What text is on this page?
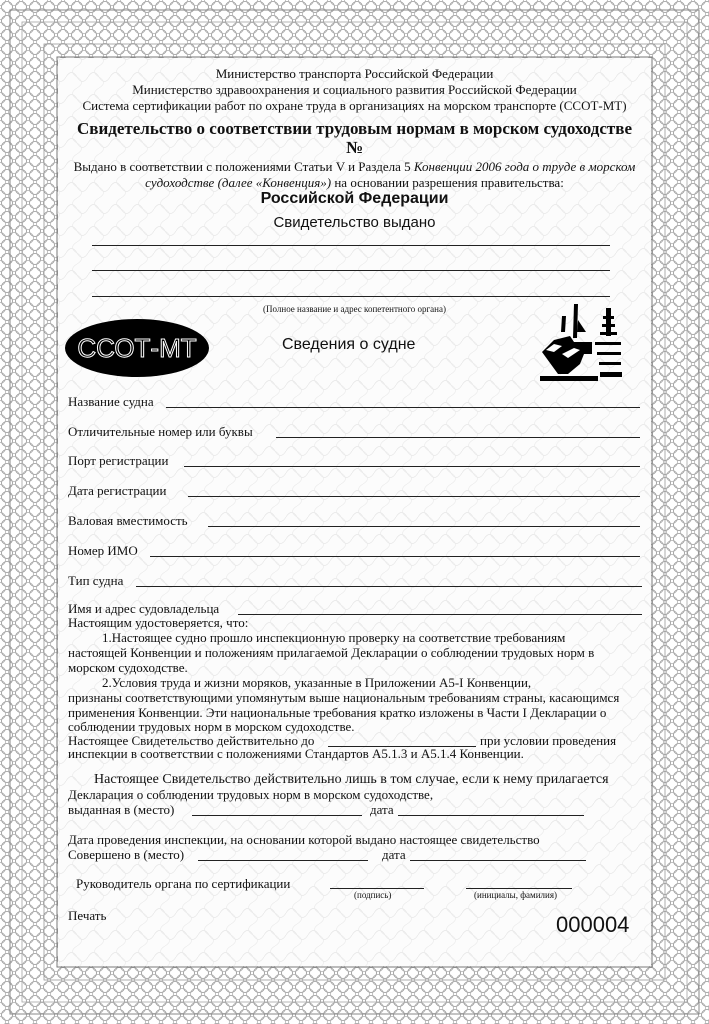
Министерство транспорта Российской Федерации
Министерство здравоохранения и социального развития Российской Федерации
Система сертификации работ по охране труда в организациях на морском транспорте (ССОТ-МТ)
Свидетельство о соответствии трудовым нормам в морском судоходстве
№
Выдано в соответствии с положениями Статьи V и Раздела 5 Конвенции 2006 года о труде в морском
судоходстве (далее «Конвенция») на основании разрешения правительства:
Российской Федерации
Свидетельство выдано
(Полное название и адрес копетентного органа)
ССОТ-МТ	Сведения о судне
Название судна
Отличительные номер или буквы
Порт регистрации
Дата регистрации
Валовая вместимость
Номер ИМО
Тип судна
Имя и адрес судовладельца
Настоящим удостоверяется, что:
1.Настоящее судно прошло инспекционную проверку на соответствие требованиям
настоящей Конвенции и положениям прилагаемой Декларации о соблюдении трудовых норм в
морском судоходстве.
2.Условия труда и жизни моряков, указанные в Приложении А5-I Конвенции,
признаны соответствующими упомянутым выше национальным требованиям страны, касающимся
применения Конвенции. Эти национальные требования кратко изложены в Части I Декларации о
соблюдении трудовых норм в морском судоходстве.
Настоящее Свидетельство действительно до	при условии проведения
инспекции в соответствии с положениями Стандартов А5.1.3 и А5.1.4 Конвенции.
Настоящее Свидетельство действительно лишь в том случае, если к нему прилагается
Декларация о соблюдении трудовых норм в морском судоходстве,
выданная в (место)	дата
Дата проведения инспекции, на основании которой выдано настоящее свидетельство
Совершено в (место)	дата
Руководитель органа по сертификации
(подпись)	(инициалы, фамилия)
Печать	000004
